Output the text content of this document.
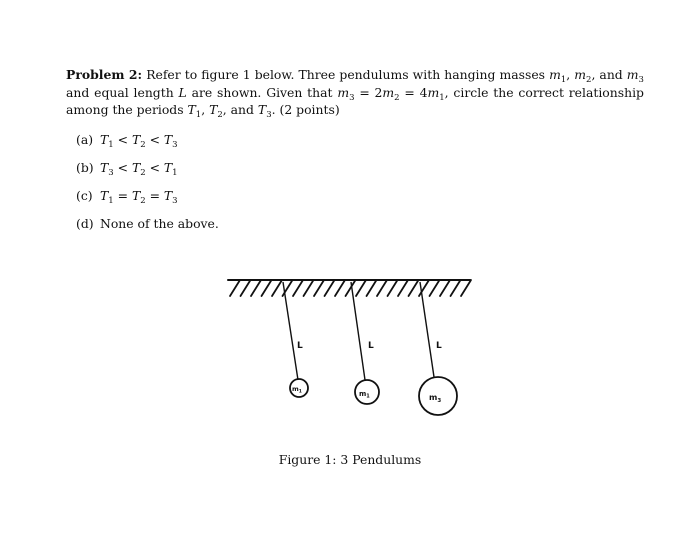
Problem 2: Refer to figure 1 below. Three pendulums with hanging masses $m_1$, $m_2$, and $m_3$ and equal length L are shown. Given that $m_3 = 2m_2 = 4m_1$, circle the correct relationship among the periods $T_1$, $T_2$, and $T_3$. (2 points)

(a) $T_1 < T_2 < T_3$
(b) $T_3 < T_2 < T_1$
(c) $T_1 = T_2 = T_3$
(d) None of the above.
L
$m_1$
L
$m_1$
L
$m_3$
Figure 1: 3 Pendulums
